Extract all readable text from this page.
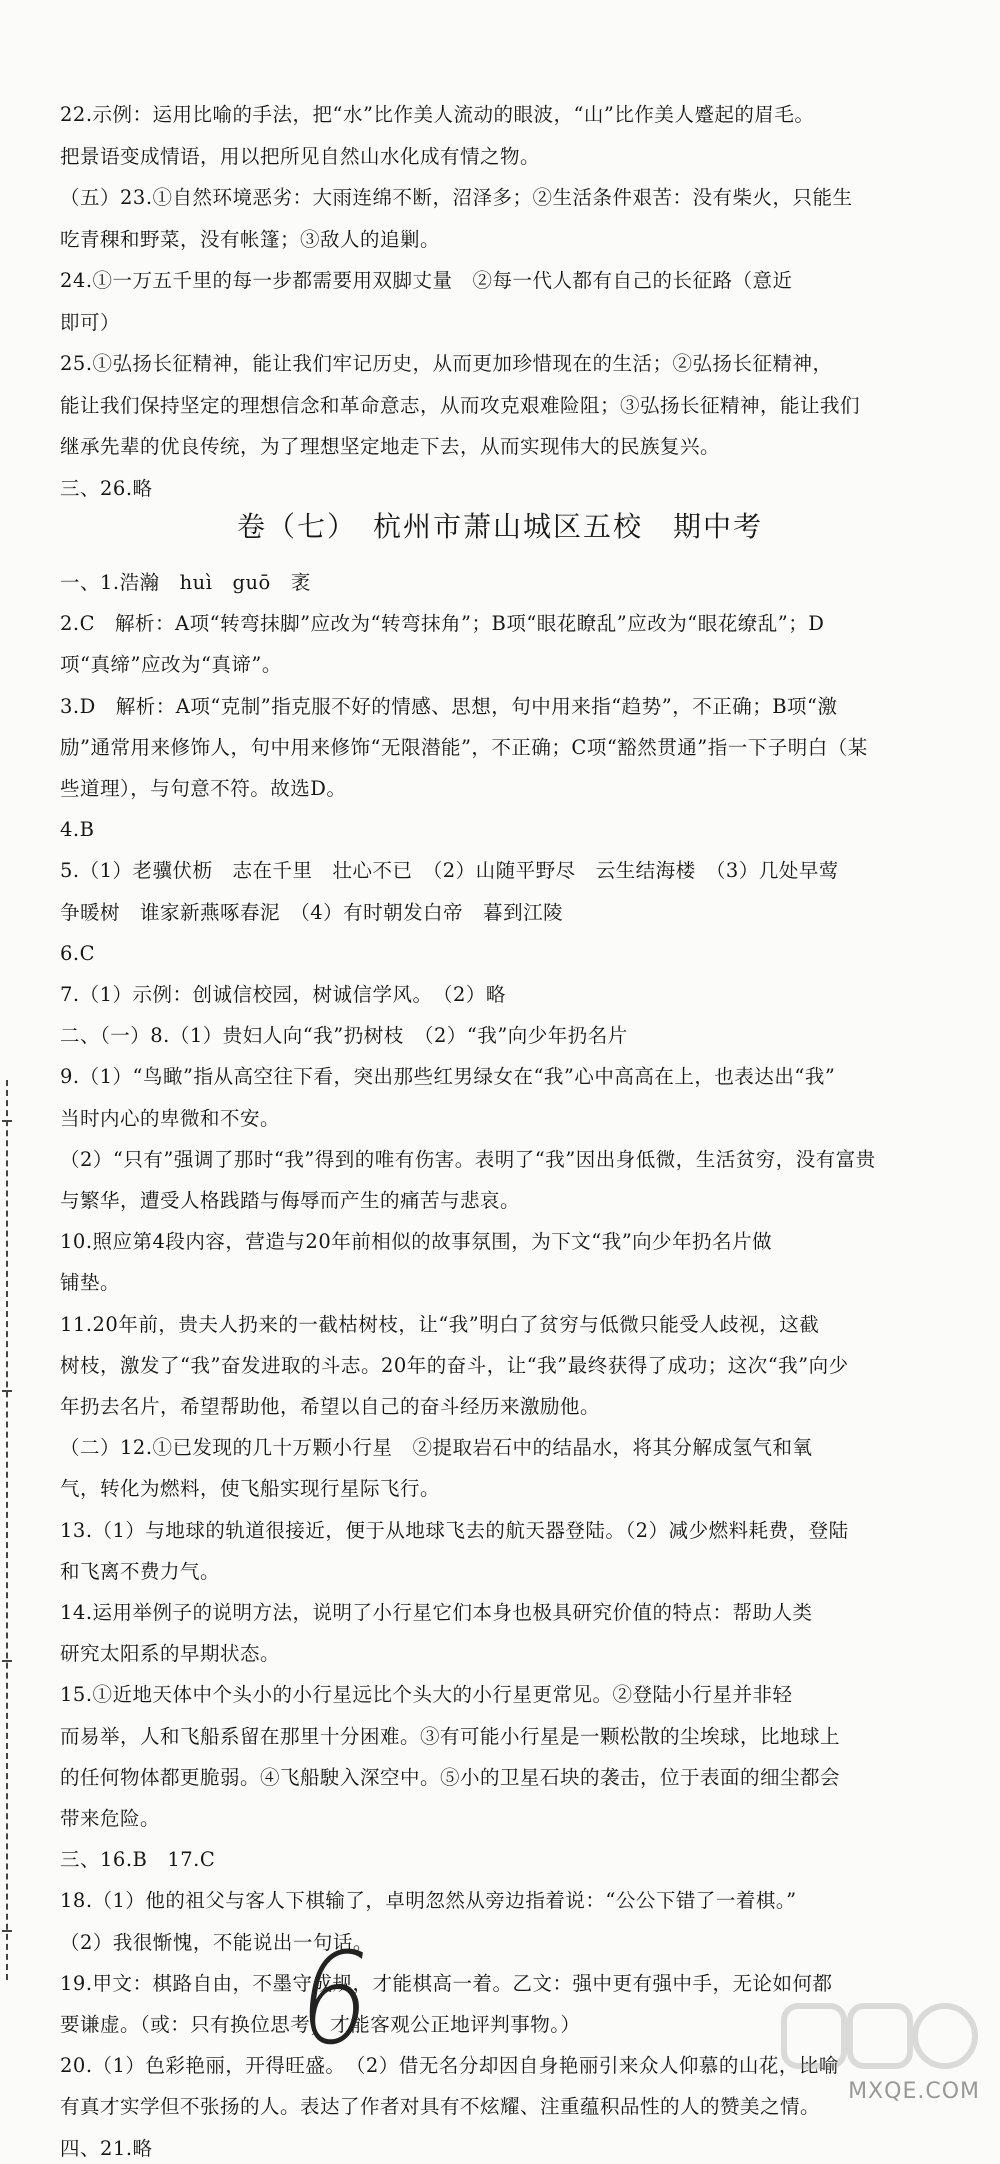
22.示例：运用比喻的手法，把“水”比作美人流动的眼波，“山”比作美人蹙起的眉毛。
把景语变成情语，用以把所见自然山水化成有情之物。
（五）23.①自然环境恶劣：大雨连绵不断，沼泽多；②生活条件艰苦：没有柴火，只能生
吃青稞和野菜，没有帐篷；③敌人的追剿。
24.①一万五千里的每一步都需要用双脚丈量　②每一代人都有自己的长征路（意近
即可）
25.①弘扬长征精神，能让我们牢记历史，从而更加珍惜现在的生活；②弘扬长征精神，
能让我们保持坚定的理想信念和革命意志，从而攻克艰难险阻；③弘扬长征精神，能让我们
继承先辈的优良传统，为了理想坚定地走下去，从而实现伟大的民族复兴。
三、26.略
卷（七）　杭州市萧山城区五校　期中考
一、1.浩瀚　huì　guō　袤
2.C　解析：A项“转弯抹脚”应改为“转弯抹角”；B项“眼花瞭乱”应改为“眼花缭乱”；D
项“真缔”应改为“真谛”。
3.D　解析：A项“克制”指克服不好的情感、思想，句中用来指“趋势”，不正确；B项“激
励”通常用来修饰人，句中用来修饰“无限潜能”，不正确；C项“豁然贯通”指一下子明白（某
些道理），与句意不符。故选D。
4.B
5.（1）老骥伏枥　志在千里　壮心不已　（2）山随平野尽　云生结海楼　（3）几处早莺
争暖树　谁家新燕啄春泥　（4）有时朝发白帝　暮到江陵
6.C
7.（1）示例：创诚信校园，树诚信学风。　（2）略
二、（一）8.（1）贵妇人向“我”扔树枝　（2）“我”向少年扔名片
9.（1）“鸟瞰”指从高空往下看，突出那些红男绿女在“我”心中高高在上，也表达出“我”
当时内心的卑微和不安。
（2）“只有”强调了那时“我”得到的唯有伤害。表明了“我”因出身低微，生活贫穷，没有富贵
与繁华，遭受人格践踏与侮辱而产生的痛苦与悲哀。
10.照应第4段内容，营造与20年前相似的故事氛围，为下文“我”向少年扔名片做
铺垫。
11.20年前，贵夫人扔来的一截枯树枝，让“我”明白了贫穷与低微只能受人歧视，这截
树枝，激发了“我”奋发进取的斗志。20年的奋斗，让“我”最终获得了成功；这次“我”向少
年扔去名片，希望帮助他，希望以自己的奋斗经历来激励他。
（二）12.①已发现的几十万颗小行星　②提取岩石中的结晶水，将其分解成氢气和氧
气，转化为燃料，使飞船实现行星际飞行。
13.（1）与地球的轨道很接近，便于从地球飞去的航天器登陆。（2）减少燃料耗费，登陆
和飞离不费力气。
14.运用举例子的说明方法，说明了小行星它们本身也极具研究价值的特点：帮助人类
研究太阳系的早期状态。
15.①近地天体中个头小的小行星远比个头大的小行星更常见。②登陆小行星并非轻
而易举，人和飞船系留在那里十分困难。③有可能小行星是一颗松散的尘埃球，比地球上
的任何物体都更脆弱。④飞船駛入深空中。⑤小的卫星石块的袭击，位于表面的细尘都会
带来危险。
三、16.B　17.C
18.（1）他的祖父与客人下棋输了，卓明忽然从旁边指着说：“公公下错了一着棋。”
（2）我很惭愧，不能说出一句话。
19.甲文：棋路自由，不墨守成规，才能棋高一着。乙文：强中更有强中手，无论如何都
要谦虚。（或：只有换位思考，才能客观公正地评判事物。）
20.（1）色彩艳丽，开得旺盛。　（2）借无名分却因自身艳丽引来众人仰慕的山花，比喻
有真才实学但不张扬的人。表达了作者对具有不炫耀、注重蕴积品性的人的赞美之情。
四、21.略
6
MXQE.COM
